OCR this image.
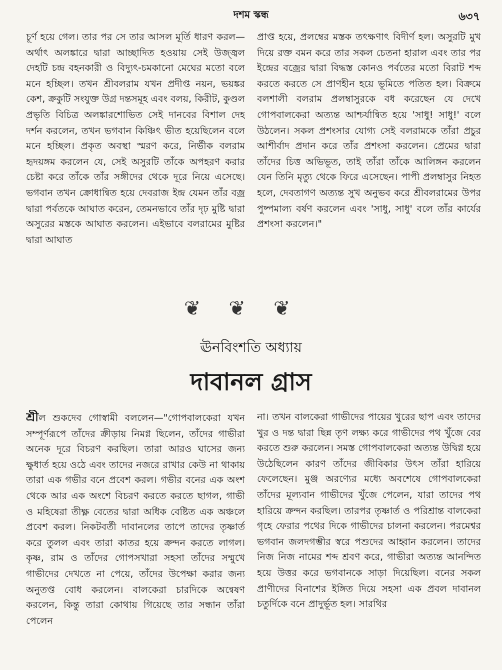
দশম স্কন্ধ	৬৩৭

চূর্ণ হয়ে গেল। তার পর সে তার আসল মূর্তি ধারণ করল—অর্থাৎ অলঙ্কারে দ্বারা আচ্ছাদিত হওয়ায় সেই উজ্জ্বল দেহটি চন্দ্র বহনকারী ও বিদ্যুৎ-চমকানো মেঘের মতো বলে মনে হচ্ছিল। তখন শ্রীবলরাম যখন প্রদীপ্ত নয়ন, ভয়ঙ্কর কেশ, ক্রকুটি সংযুক্ত উগ্র দন্তসমূহ এবং বলয়, কিরীট, কুণ্ডল প্রভৃতি বিচিত্র অলঙ্কারশোভিত সেই দানবের বিশাল দেহ দর্শন করলেন, তখন ভগবান কিঞ্চিৎ ভীত হয়েছিলেন বলে মনে হচ্ছিল। প্রকৃত অবস্থা স্মরণ করে, নির্ভীক বলরাম হৃদয়ঙ্গম করলেন যে, সেই অসুরটি তাঁকে অপহরণ করার চেষ্টা করে তাঁকে তাঁর সঙ্গীদের থেকে দূরে নিয়ে এসেছে। ভগবান তখন ক্রোধান্বিত হয়ে দেবরাজ ইন্দ্র যেমন তাঁর বজ্র দ্বারা পর্বতকে আঘাত করেন, তেমনভাবে তাঁর দৃঢ় মুষ্টি দ্বারা অসুরের মস্তকে আঘাত করলেন। এইভাবে বলরামের মুষ্টির দ্বারা আঘাত

প্রাপ্ত হয়ে, প্রলম্বের মস্তক তৎক্ষণাৎ বিদীর্ণ হল। অসুরটি মুখ দিয়ে রক্ত বমন করে তার সকল চেতনা হারাল এবং তার পর ইন্দ্রের বজ্রের দ্বারা বিদ্ধস্ত কোনও পর্বতের মতো বিরাট শব্দ করতে করতে সে প্রাণহীন হয়ে ভূমিতে পতিত হল। বিক্রমে বলশালী বলরাম প্রলম্বাসুরকে বধ করেছেন যে দেখে গোপবালকেরা অত্যন্ত আশ্চর্যান্বিত হয়ে 'সাধু! সাধু!' বলে উঠলেন। সকল প্রশংসার যোগ্য সেই বলরামকে তাঁরা প্রচুর আশীর্বাদ প্রদান করে তাঁর প্রশংসা করলেন। প্রেমের দ্বারা তাঁদের চিত্ত অভিভূত, তাই তাঁরা তাঁকে আলিঙ্গন করলেন যেন তিনি মৃত্যু থেকে ফিরে এসেছেন। পাপী প্রলম্বাসুর নিহত হলে, দেবতাগণ অত্যন্ত সুখ অনুভব করে শ্রীবলরামের উপর পুষ্পমাল্য বর্ষণ করলেন এবং 'সাধু, সাধু' বলে তাঁর কার্যের প্রশংসা করলেন।"

❦❦❦
ঊনবিংশতি অধ্যায়
দাবানল গ্রাস

শ্রীল শুকদেব গোস্বামী বললেন—"গোপবালকেরা যখন সম্পূর্ণরূপে তাঁদের ক্রীড়ায় নিমগ্ন ছিলেন, তাঁদের গাভীরা অনেক দূরে বিচরণ করছিল। তারা আরও ঘাসের জন্য ক্ষুধার্ত হয়ে ওঠে এবং তাদের নজরে রাখার কেউ না থাকায় তারা এক গভীর বনে প্রবেশ করল। গভীর বনের এক অংশ থেকে আর এক অংশে বিচরণ করতে করতে ছাগল, গাভী ও মহিষেরা তীক্ষ্ণ বেতের দ্বারা অধিক বেষ্টিত এক অঞ্চলে প্রবেশ করল। নিকটবর্তী দাবানলের তাপে তাদের তৃষ্ণার্ত করে তুলল এবং তারা কাতর হয়ে ক্রন্দন করতে লাগল। কৃষ্ণ, রাম ও তাঁদের গোপসখারা সহসা তাঁদের সম্মুখে গাভীদের দেখতে না পেয়ে, তাঁদের উপেক্ষা করার জন্য অনুতপ্ত বোধ করলেন। বালকেরা চারদিকে অন্বেষণ করলেন, কিন্তু তারা কোথায় গিয়েছে তার সন্ধান তাঁরা পেলেন

না। তখন বালকেরা গাভীদের পায়ের খুরের ছাপ এবং তাদের খুর ও দন্ত দ্বারা ছিন্ন তৃণ লক্ষ্য করে গাভীদের পথ খুঁজে বের করতে শুরু করলেন। সমস্ত গোপবালকেরা অত্যন্ত উদ্বিগ্ন হয়ে উঠেছিলেন কারণ তাঁদের জীবিকার উৎস তাঁরা হারিয়ে ফেলেছেন। মুঞ্জ অরণ্যের মধ্যে অবশেষে গোপবালকেরা তাঁদের মূল্যবান গাভীদের খুঁজে পেলেন, যারা তাদের পথ হারিয়ে ক্রন্দন করছিল। তারপর তৃষ্ণার্ত ও পরিশ্রান্ত বালকেরা গৃহে ফেরার পথের দিকে গাভীদের চালনা করলেন। পরমেশ্বর ভগবান জলদগম্ভীর স্বরে পশুদের আহ্বান করলেন। তাদের নিজ নিজ নামের শব্দ শ্রবণ করে, গাভীরা অত্যন্ত আনন্দিত হয়ে উত্তর করে ভগবানকে সাড়া দিয়েছিল। বনের সকল প্রাণীদের বিনাশের ইঙ্গিত দিয়ে সহসা এক প্রবল দাবানল চতুর্দিকে বনে প্রাদুর্ভূত হল। সারথির
